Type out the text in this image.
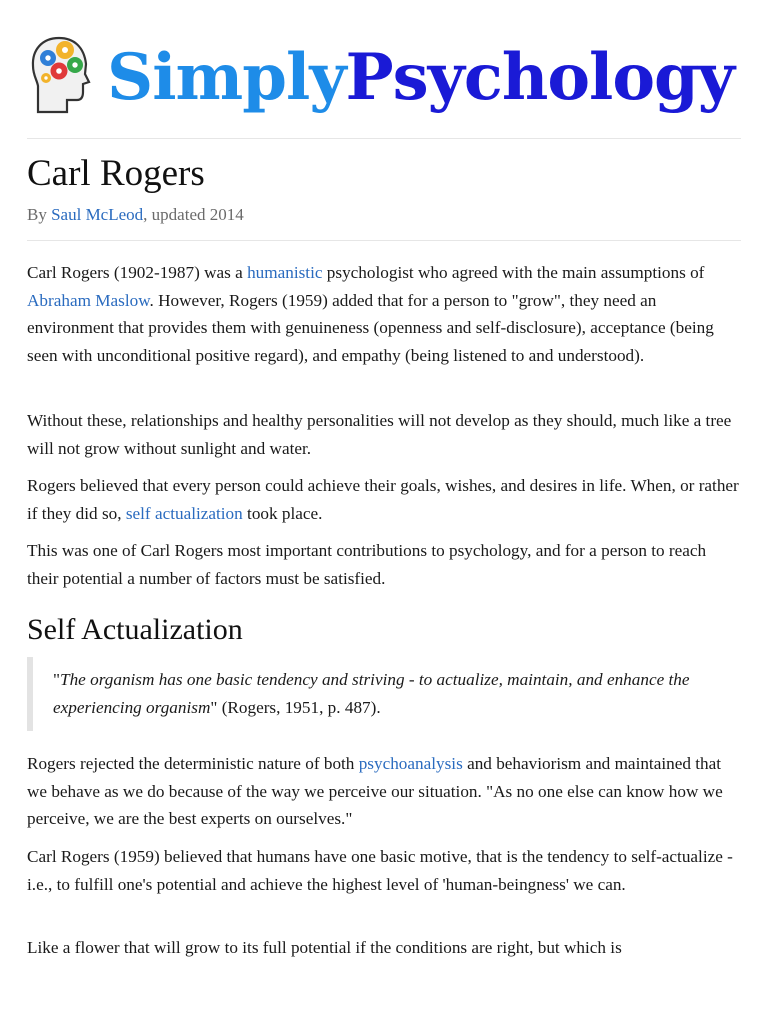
SimplyPsychology
Carl Rogers
By Saul McLeod, updated 2014

Carl Rogers (1902-1987) was a humanistic psychologist who agreed with the main assumptions of Abraham Maslow. However, Rogers (1959) added that for a person to "grow", they need an environment that provides them with genuineness (openness and self-disclosure), acceptance (being seen with unconditional positive regard), and empathy (being listened to and understood).

Without these, relationships and healthy personalities will not develop as they should, much like a tree will not grow without sunlight and water.

Rogers believed that every person could achieve their goals, wishes, and desires in life. When, or rather if they did so, self actualization took place.

This was one of Carl Rogers most important contributions to psychology, and for a person to reach their potential a number of factors must be satisfied.

Self Actualization

"The organism has one basic tendency and striving - to actualize, maintain, and enhance the experiencing organism" (Rogers, 1951, p. 487).

Rogers rejected the deterministic nature of both psychoanalysis and behaviorism and maintained that we behave as we do because of the way we perceive our situation. "As no one else can know how we perceive, we are the best experts on ourselves."

Carl Rogers (1959) believed that humans have one basic motive, that is the tendency to self-actualize - i.e., to fulfill one's potential and achieve the highest level of 'human-beingness' we can.

Like a flower that will grow to its full potential if the conditions are right, but which is
